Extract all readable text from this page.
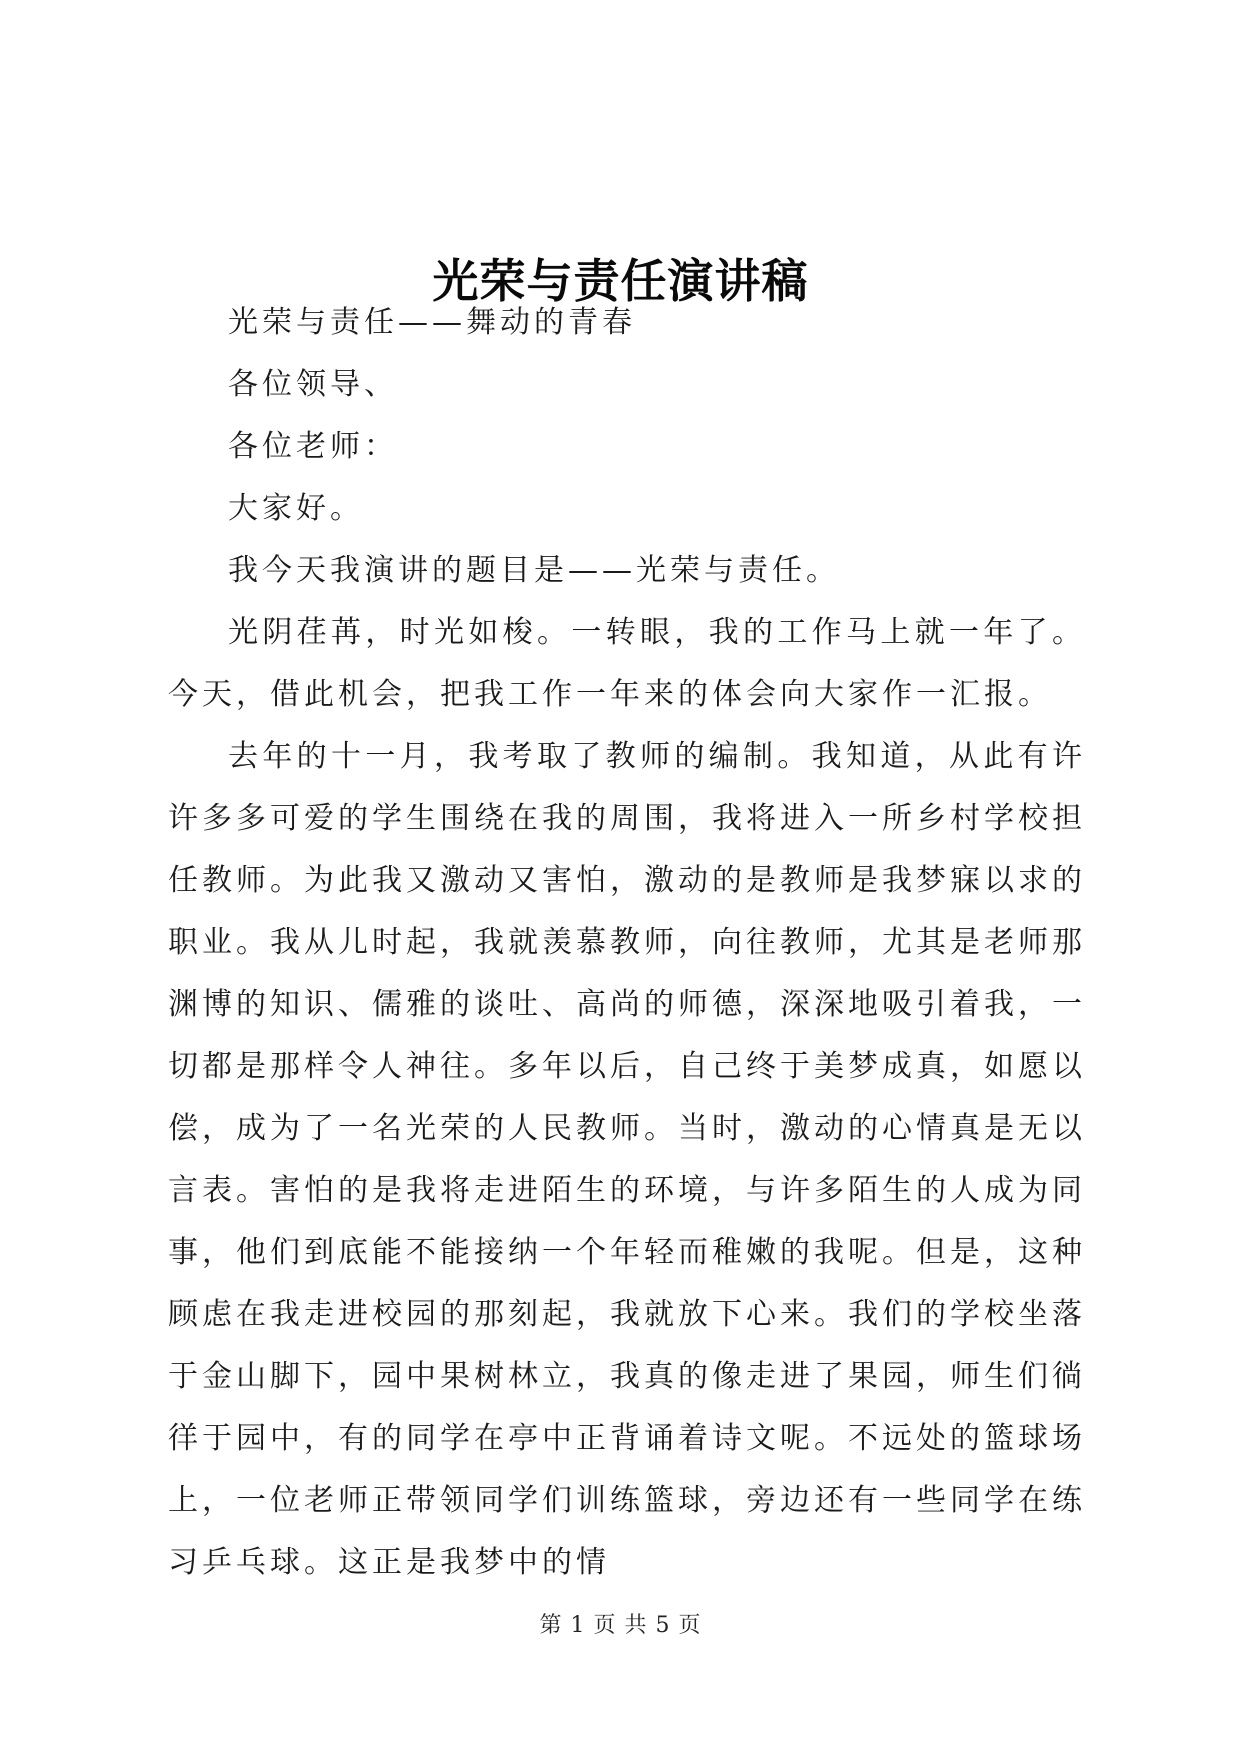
光荣与责任演讲稿

光荣与责任——舞动的青春

各位领导、

各位老师：

大家好。

我今天我演讲的题目是——光荣与责任。

光阴荏苒，时光如梭。一转眼，我的工作马上就一年了。今天，借此机会，把我工作一年来的体会向大家作一汇报。

去年的十一月，我考取了教师的编制。我知道，从此有许许多多可爱的学生围绕在我的周围，我将进入一所乡村学校担任教师。为此我又激动又害怕，激动的是教师是我梦寐以求的职业。我从儿时起，我就羡慕教师，向往教师，尤其是老师那渊博的知识、儒雅的谈吐、高尚的师德，深深地吸引着我，一切都是那样令人神往。多年以后，自己终于美梦成真，如愿以偿，成为了一名光荣的人民教师。当时，激动的心情真是无以言表。害怕的是我将走进陌生的环境，与许多陌生的人成为同事，他们到底能不能接纳一个年轻而稚嫩的我呢。但是，这种顾虑在我走进校园的那刻起，我就放下心来。我们的学校坐落于金山脚下，园中果树林立，我真的像走进了果园，师生们徜徉于园中，有的同学在亭中正背诵着诗文呢。不远处的篮球场上，一位老师正带领同学们训练篮球，旁边还有一些同学在练习乒乓球。这正是我梦中的情

第 1 页 共 5 页
